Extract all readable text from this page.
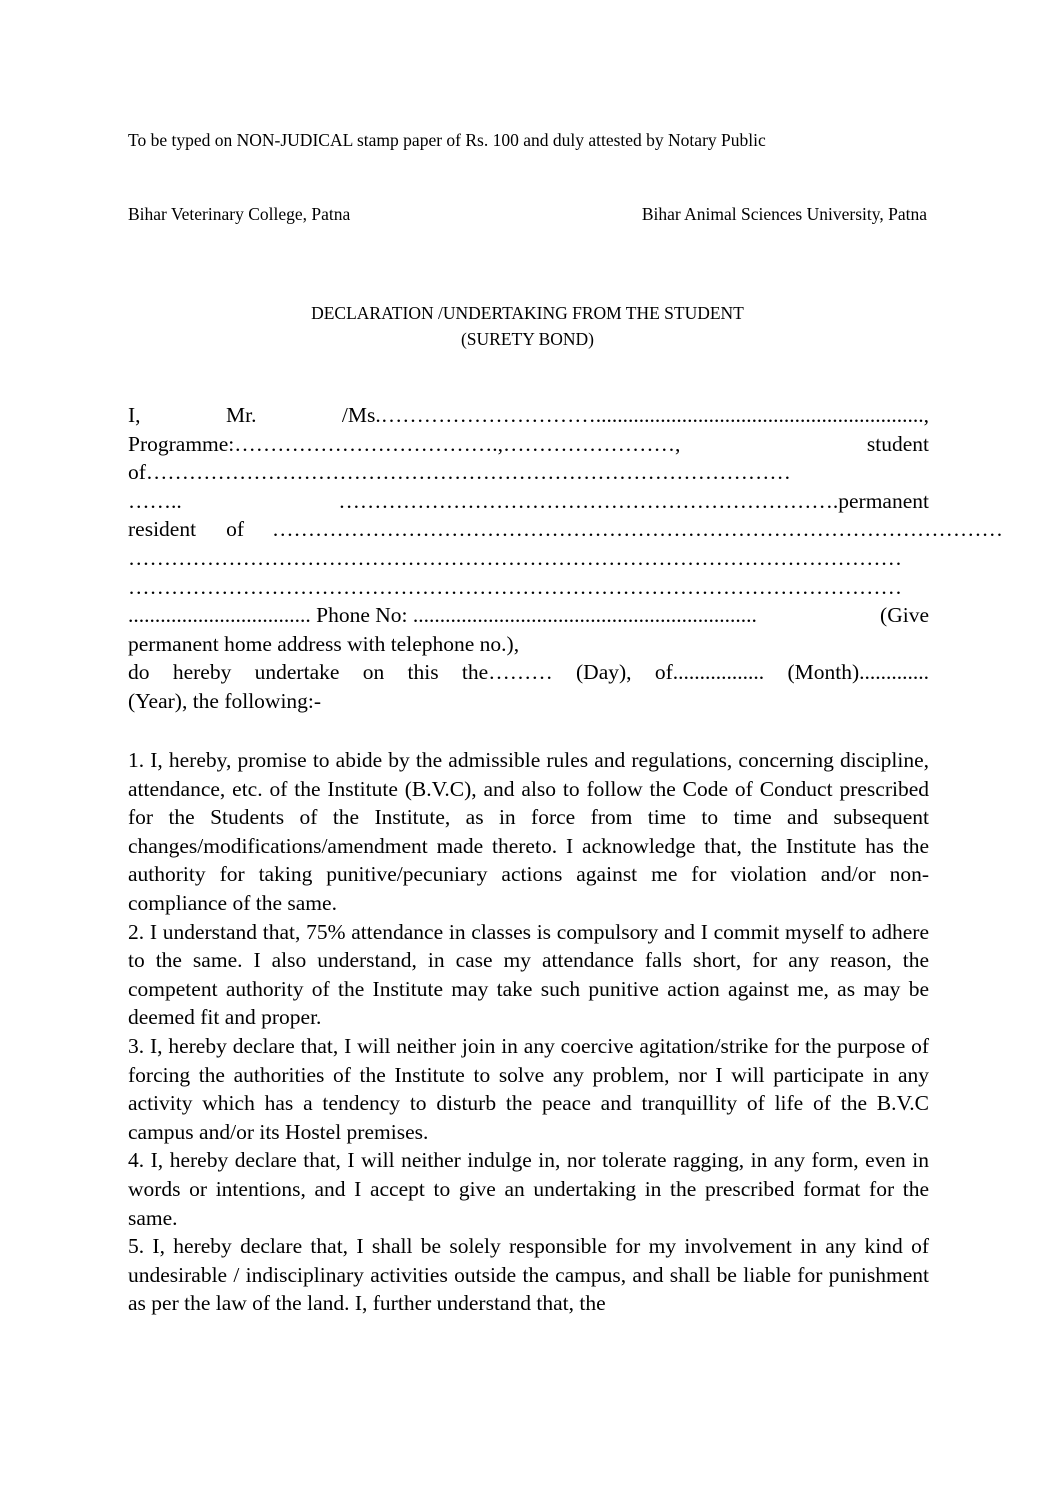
To be typed on NON-JUDICAL stamp paper of Rs. 100 and duly attested by Notary Public
Bihar Veterinary College, Patna	Bihar Animal Sciences University, Patna
DECLARATION /UNDERTAKING FROM THE STUDENT
(SURETY BOND)
I,	Mr.	/Ms.………………………….............................................................,
Programme:……………………………….,……………………,	student
of………………………………………………………………………………
……..	…………………………………………………………….permanent
resident of …………………………………………………………………………………………
………………………………………………………………………………………………
………………………………………………………………………………………………
.................................. Phone No: ................................................................	(Give
permanent home address with telephone no.),
do hereby undertake on this the……… (Day), of................. (Month).............
(Year), the following:-
1. I, hereby, promise to abide by the admissible rules and regulations, concerning discipline, attendance, etc. of the Institute (B.V.C), and also to follow the Code of Conduct prescribed for the Students of the Institute, as in force from time to time and subsequent changes/modifications/amendment made thereto. I acknowledge that, the Institute has the authority for taking punitive/pecuniary actions against me for violation and/or non-compliance of the same.
2. I understand that, 75% attendance in classes is compulsory and I commit myself to adhere to the same. I also understand, in case my attendance falls short, for any reason, the competent authority of the Institute may take such punitive action against me, as may be deemed fit and proper.
3. I, hereby declare that, I will neither join in any coercive agitation/strike for the purpose of forcing the authorities of the Institute to solve any problem, nor I will participate in any activity which has a tendency to disturb the peace and tranquillity of life of the B.V.C campus and/or its Hostel premises.
4. I, hereby declare that, I will neither indulge in, nor tolerate ragging, in any form, even in words or intentions, and I accept to give an undertaking in the prescribed format for the same.
5. I, hereby declare that, I shall be solely responsible for my involvement in any kind of undesirable / indisciplinary activities outside the campus, and shall be liable for punishment as per the law of the land. I, further understand that, the
